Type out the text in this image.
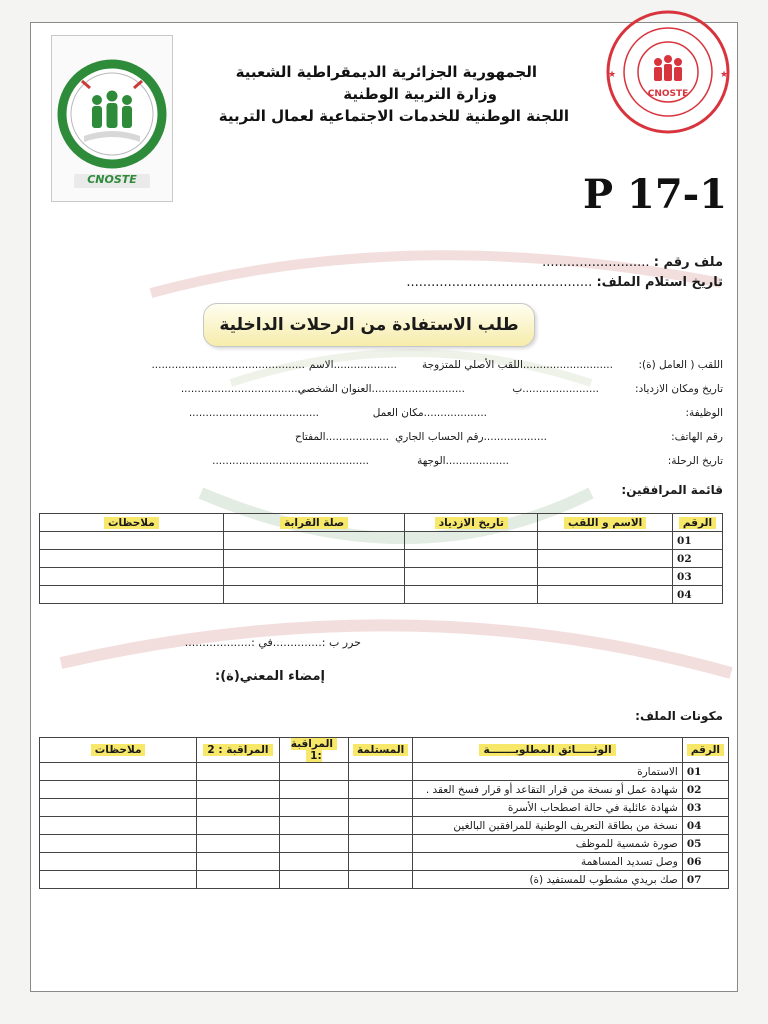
CNOSTE
الجمهورية الجزائرية الديمقراطية الشعبية
وزارة التربية الوطنية
اللجنة الوطنية للخدمات الاجتماعية لعمال التربية
★	★
CNOSTE
P 17-1
ملف رقم : ..........................
تاريخ استلام الملف: .............................................
طلب الاستفادة من الرحلات الداخلية
اللقب ( العامل (ة):
...........................اللقب الأصلي للمتزوجة
...................الاسم
..............................................
تاريخ ومكان الازدياد:
.......................ب
............................العنوان الشخصي
.......................................
الوظيفة:
...................مكان العمل
.......................................
رقم الهاتف:
...................رقم الحساب الجاري
...................المفتاح
تاريخ الرحلة:
...................الوجهة
...............................................
قائمة المرافقين:
الرقم	الاسم و اللقب	تاريخ الازدياد	صلة القرابة	ملاحظات
01				
02				
03				
04				
حرر ب :..............في :...................
إمضاء المعني(ة):
مكونات الملف:
الرقم	الوثـــــائق المطلوبـــــــة	المستلمة	المراقبة :1	المراقبة : 2	ملاحظات
01	الاستمارة				
02	شهادة عمل أو نسخة من قرار التقاعد أو قرار فسخ العقد .				
03	شهادة عائلية في حالة اصطحاب الأسرة				
04	نسخة من بطاقة التعريف الوطنية للمرافقين البالغين				
05	صورة شمسية للموظف				
06	وصل تسديد المساهمة				
07	صك بريدي مشطوب للمستفيد (ة)				
